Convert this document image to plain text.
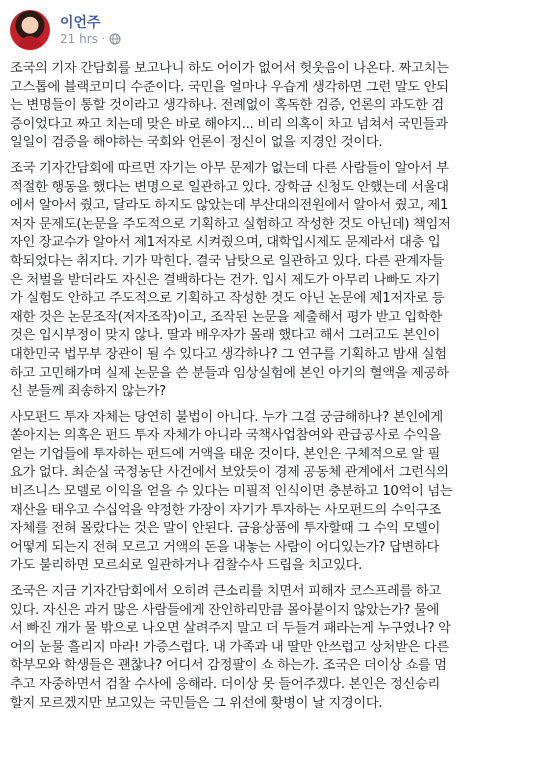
이언주
21 hrs ·
조국의 기자 간담회를 보고나니 하도 어이가 없어서 헛웃음이 나온다. 짜고치는
고스톱에 블랙코미디 수준이다. 국민을 얼마나 우습게 생각하면 그런 말도 안되
는 변명들이 통할 것이라고 생각하나. 전례없이 혹독한 검증, 언론의 과도한 검
증이었다고 짜고 치는데 맞은 바로 해야지... 비리 의혹이 차고 넘쳐서 국민들과
일일이 검증을 해야하는 국회와 언론이 정신이 없을 지경인 것이다.
조국 기자간담회에 따르면 자기는 아무 문제가 없는데 다른 사람들이 알아서 부
적절한 행동을 했다는 변명으로 일관하고 있다. 장학금 신청도 안했는데 서울대
에서 알아서 줬고, 달라도 하지도 않았는데 부산대의전원에서 알아서 줬고, 제1
저자 문제도(논문을 주도적으로 기획하고 실험하고 작성한 것도 아닌데) 책임저
자인 장교수가 알아서 제1저자로 시켜줬으며, 대학입시제도 문제라서 대충 입
학되었다는 취지다. 기가 막힌다. 결국 남탓으로 일관하고 있다. 다른 관계자들
은 처벌을 받더라도 자신은 결백하다는 건가. 입시 제도가 아무리 나빠도 자기
가 실험도 안하고 주도적으로 기획하고 작성한 것도 아닌 논문에 제1저자로 등
재한 것은 논문조작(저자조작)이고, 조작된 논문을 제출해서 평가 받고 입학한
것은 입시부정이 맞지 않나. 딸과 배우자가 몰래 했다고 해서 그러고도 본인이
대한민국 법무부 장관이 될 수 있다고 생각하나? 그 연구를 기획하고 밤새 실험
하고 고민해가며 실제 논문을 쓴 분들과 임상실험에 본인 아기의 혈액을 제공하
신 분들께 죄송하지 않는가?
사모펀드 투자 자체는 당연히 불법이 아니다. 누가 그걸 궁금해하나? 본인에게
쏟아지는 의혹은 펀드 투자 자체가 아니라 국책사업참여와 관급공사로 수익을
얻는 기업들에 투자하는 펀드에 거액을 태운 것이다. 본인은 구체적으로 알 필
요가 없다. 최순실 국정농단 사건에서 보았듯이 경제 공동체 관계에서 그런식의
비즈니스 모델로 이익을 얻을 수 있다는 미필적 인식이면 충분하고 10억이 넘는
재산을 태우고 수십억을 약정한 가장이 자기가 투자하는 사모펀드의 수익구조
자체를 전혀 몰랐다는 것은 말이 안된다. 금융상품에 투자할때 그 수익 모델이
어떻게 되는지 전혀 모르고 거액의 돈을 내놓는 사람이 어디있는가? 답변하다
가도 불리하면 모르쇠로 일관하거나 검찰수사 드립을 치고있다.
조국은 지금 기자간담회에서 오히려 큰소리를 치면서 피해자 코스프레를 하고
있다. 자신은 과거 많은 사람들에게 잔인하리만큼 몰아붙이지 않았는가? 물에
서 빠진 개가 물 밖으로 나오면 살려주지 말고 더 두들겨 패라는게 누구였나? 악
어의 눈물 흘리지 마라! 가증스럽다. 내 가족과 내 딸만 안쓰럽고 상처받은 다른
학부모와 학생들은 괜찮나? 어디서 감정팔이 쇼 하는가. 조국은 더이상 쇼를 멈
추고 자중하면서 검찰 수사에 응해라. 더이상 못 들어주겠다. 본인은 정신승리
할지 모르겠지만 보고있는 국민들은 그 위선에 홧병이 날 지경이다.
